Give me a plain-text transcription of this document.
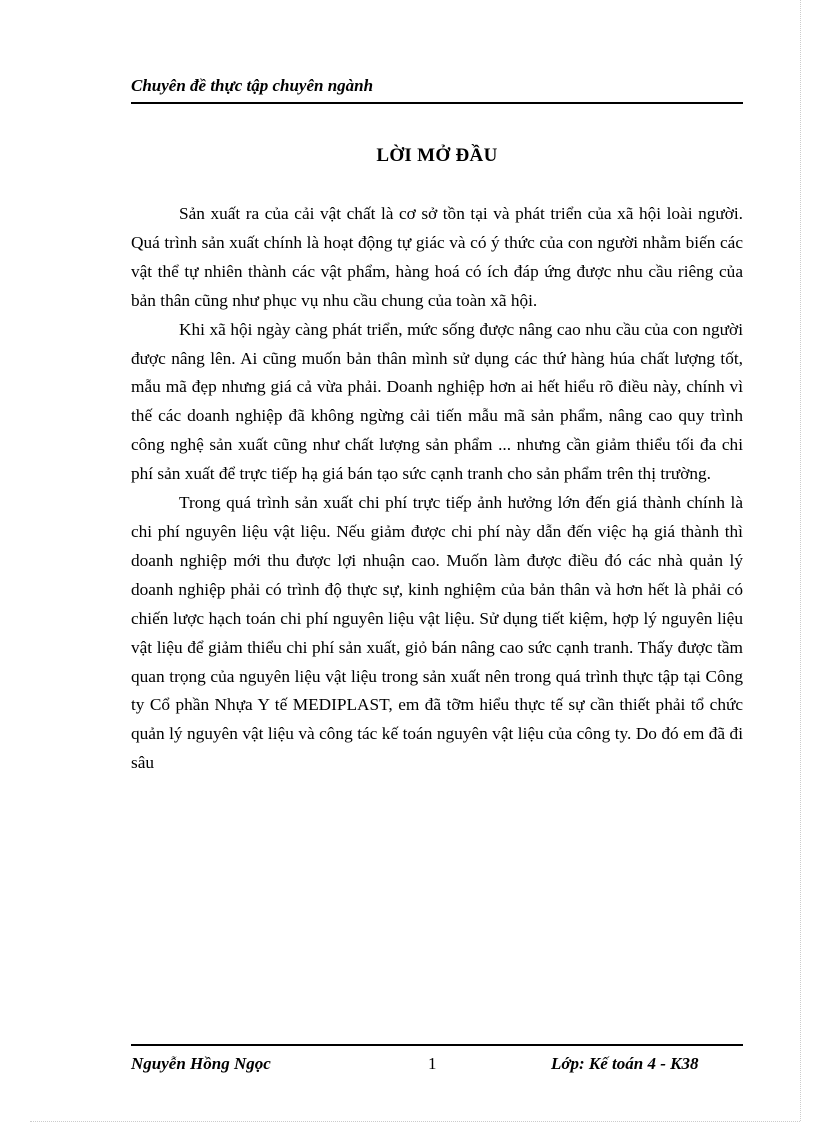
Chuyên đề thực tập chuyên ngành
LỜI MỞ ĐẦU

Sản xuất ra của cải vật chất là cơ sở tồn tại và phát triển của xã hội loài người. Quá trình sản xuất chính là hoạt động tự giác và có ý thức của con người nhằm biến các vật thể tự nhiên thành các vật phẩm, hàng hoá có ích đáp ứng được nhu cầu riêng của bản thân cũng như phục vụ nhu cầu chung của toàn xã hội.

Khi xã hội ngày càng phát triển, mức sống được nâng cao nhu cầu của con người được nâng lên. Ai cũng muốn bản thân mình sử dụng các thứ hàng húa chất lượng tốt, mẫu mã đẹp nhưng giá cả vừa phải. Doanh nghiệp hơn ai hết hiểu rõ điều này, chính vì thế các doanh nghiệp đã không ngừng cải tiến mẫu mã sản phẩm, nâng cao quy trình công nghệ sản xuất cũng như chất lượng sản phẩm ... nhưng cần giảm thiểu tối đa chi phí sản xuất để trực tiếp hạ giá bán tạo sức cạnh tranh cho sản phẩm trên thị trường.

Trong quá trình sản xuất chi phí trực tiếp ảnh hưởng lớn đến giá thành chính là chi phí nguyên liệu vật liệu. Nếu giảm được chi phí này dẫn đến việc hạ giá thành thì doanh nghiệp mới thu được lợi nhuận cao. Muốn làm được điều đó các nhà quản lý doanh nghiệp phải có trình độ thực sự, kinh nghiệm của bản thân và hơn hết là phải có chiến lược hạch toán chi phí nguyên liệu vật liệu. Sử dụng tiết kiệm, hợp lý nguyên liệu vật liệu để giảm thiểu chi phí sản xuất, giỏ bán nâng cao sức cạnh tranh. Thấy được tầm quan trọng của nguyên liệu vật liệu trong sản xuất nên trong quá trình thực tập tại Công ty Cổ phần Nhựa Y tế MEDIPLAST, em đã tỡm hiểu thực tế sự cần thiết phải tổ chức quản lý nguyên vật liệu và công tác kế toán nguyên vật liệu của công ty. Do đó em đã đi sâu

Nguyễn Hồng Ngọc	1	Lớp: Kế toán 4 - K38
